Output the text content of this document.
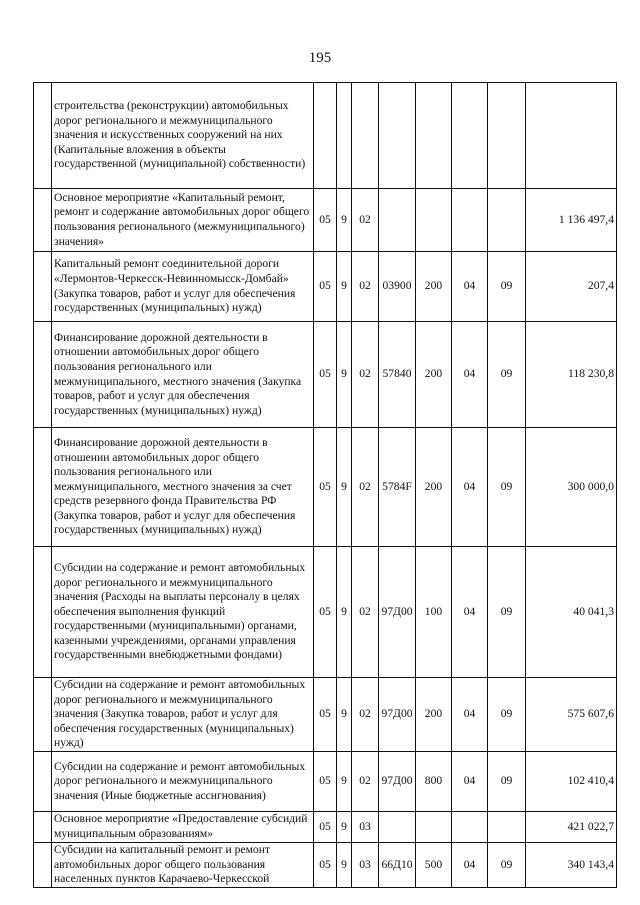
195
	строительства (реконструкции) автомобильных дорог регионального и межмуниципального значения и искусственных сооружений на них (Капитальные вложения в объекты государственной (муниципальной) собственности)								
	Основное мероприятие «Капитальный ремонт, ремонт и содержание автомобильных дорог общего пользования регионального (межмуниципального) значения»	05	9	02					1 136 497,4
	Капитальный ремонт соединительной дороги «Лермонтов-Черкесск-Невинномысск-Домбай» (Закупка товаров, работ и услуг для обеспечения государственных (муниципальных) нужд)	05	9	02	03900	200	04	09	207,4
	Финансирование дорожной деятельности в отношении автомобильных дорог общего пользования регионального или межмуниципального, местного значения (Закупка товаров, работ и услуг для обеспечения государственных (муниципальных) нужд)	05	9	02	57840	200	04	09	118 230,8
	Финансирование дорожной деятельности в отношении автомобильных дорог общего пользования регионального или межмуниципального, местного значения за счет средств резервного фонда Правительства РФ (Закупка товаров, работ и услуг для обеспечения государственных (муниципальных) нужд)	05	9	02	5784F	200	04	09	300 000,0
	Субсидии на содержание и ремонт автомобильных дорог регионального и межмуниципального значения (Расходы на выплаты персоналу в целях обеспечения выполнения функций государственными (муниципальными) органами, казенными учреждениями, органами управления государственными внебюджетными фондами)	05	9	02	97Д00	100	04	09	40 041,3
	Субсидии на содержание и ремонт автомобильных дорог регионального и межмуниципального значения (Закупка товаров, работ и услуг для обеспечения государственных (муниципальных) нужд)	05	9	02	97Д00	200	04	09	575 607,6
	Субсидии на содержание и ремонт автомобильных дорог регионального и межмуниципального значения (Иные бюджетные ассигнования)	05	9	02	97Д00	800	04	09	102 410,4
	Основное мероприятие «Предоставление субсидий муниципальным образованиям»	05	9	03					421 022,7
	Субсидии на капитальный ремонт и ремонт автомобильных дорог общего пользования населенных пунктов Карачаево-Черкесской	05	9	03	66Д10	500	04	09	340 143,4
